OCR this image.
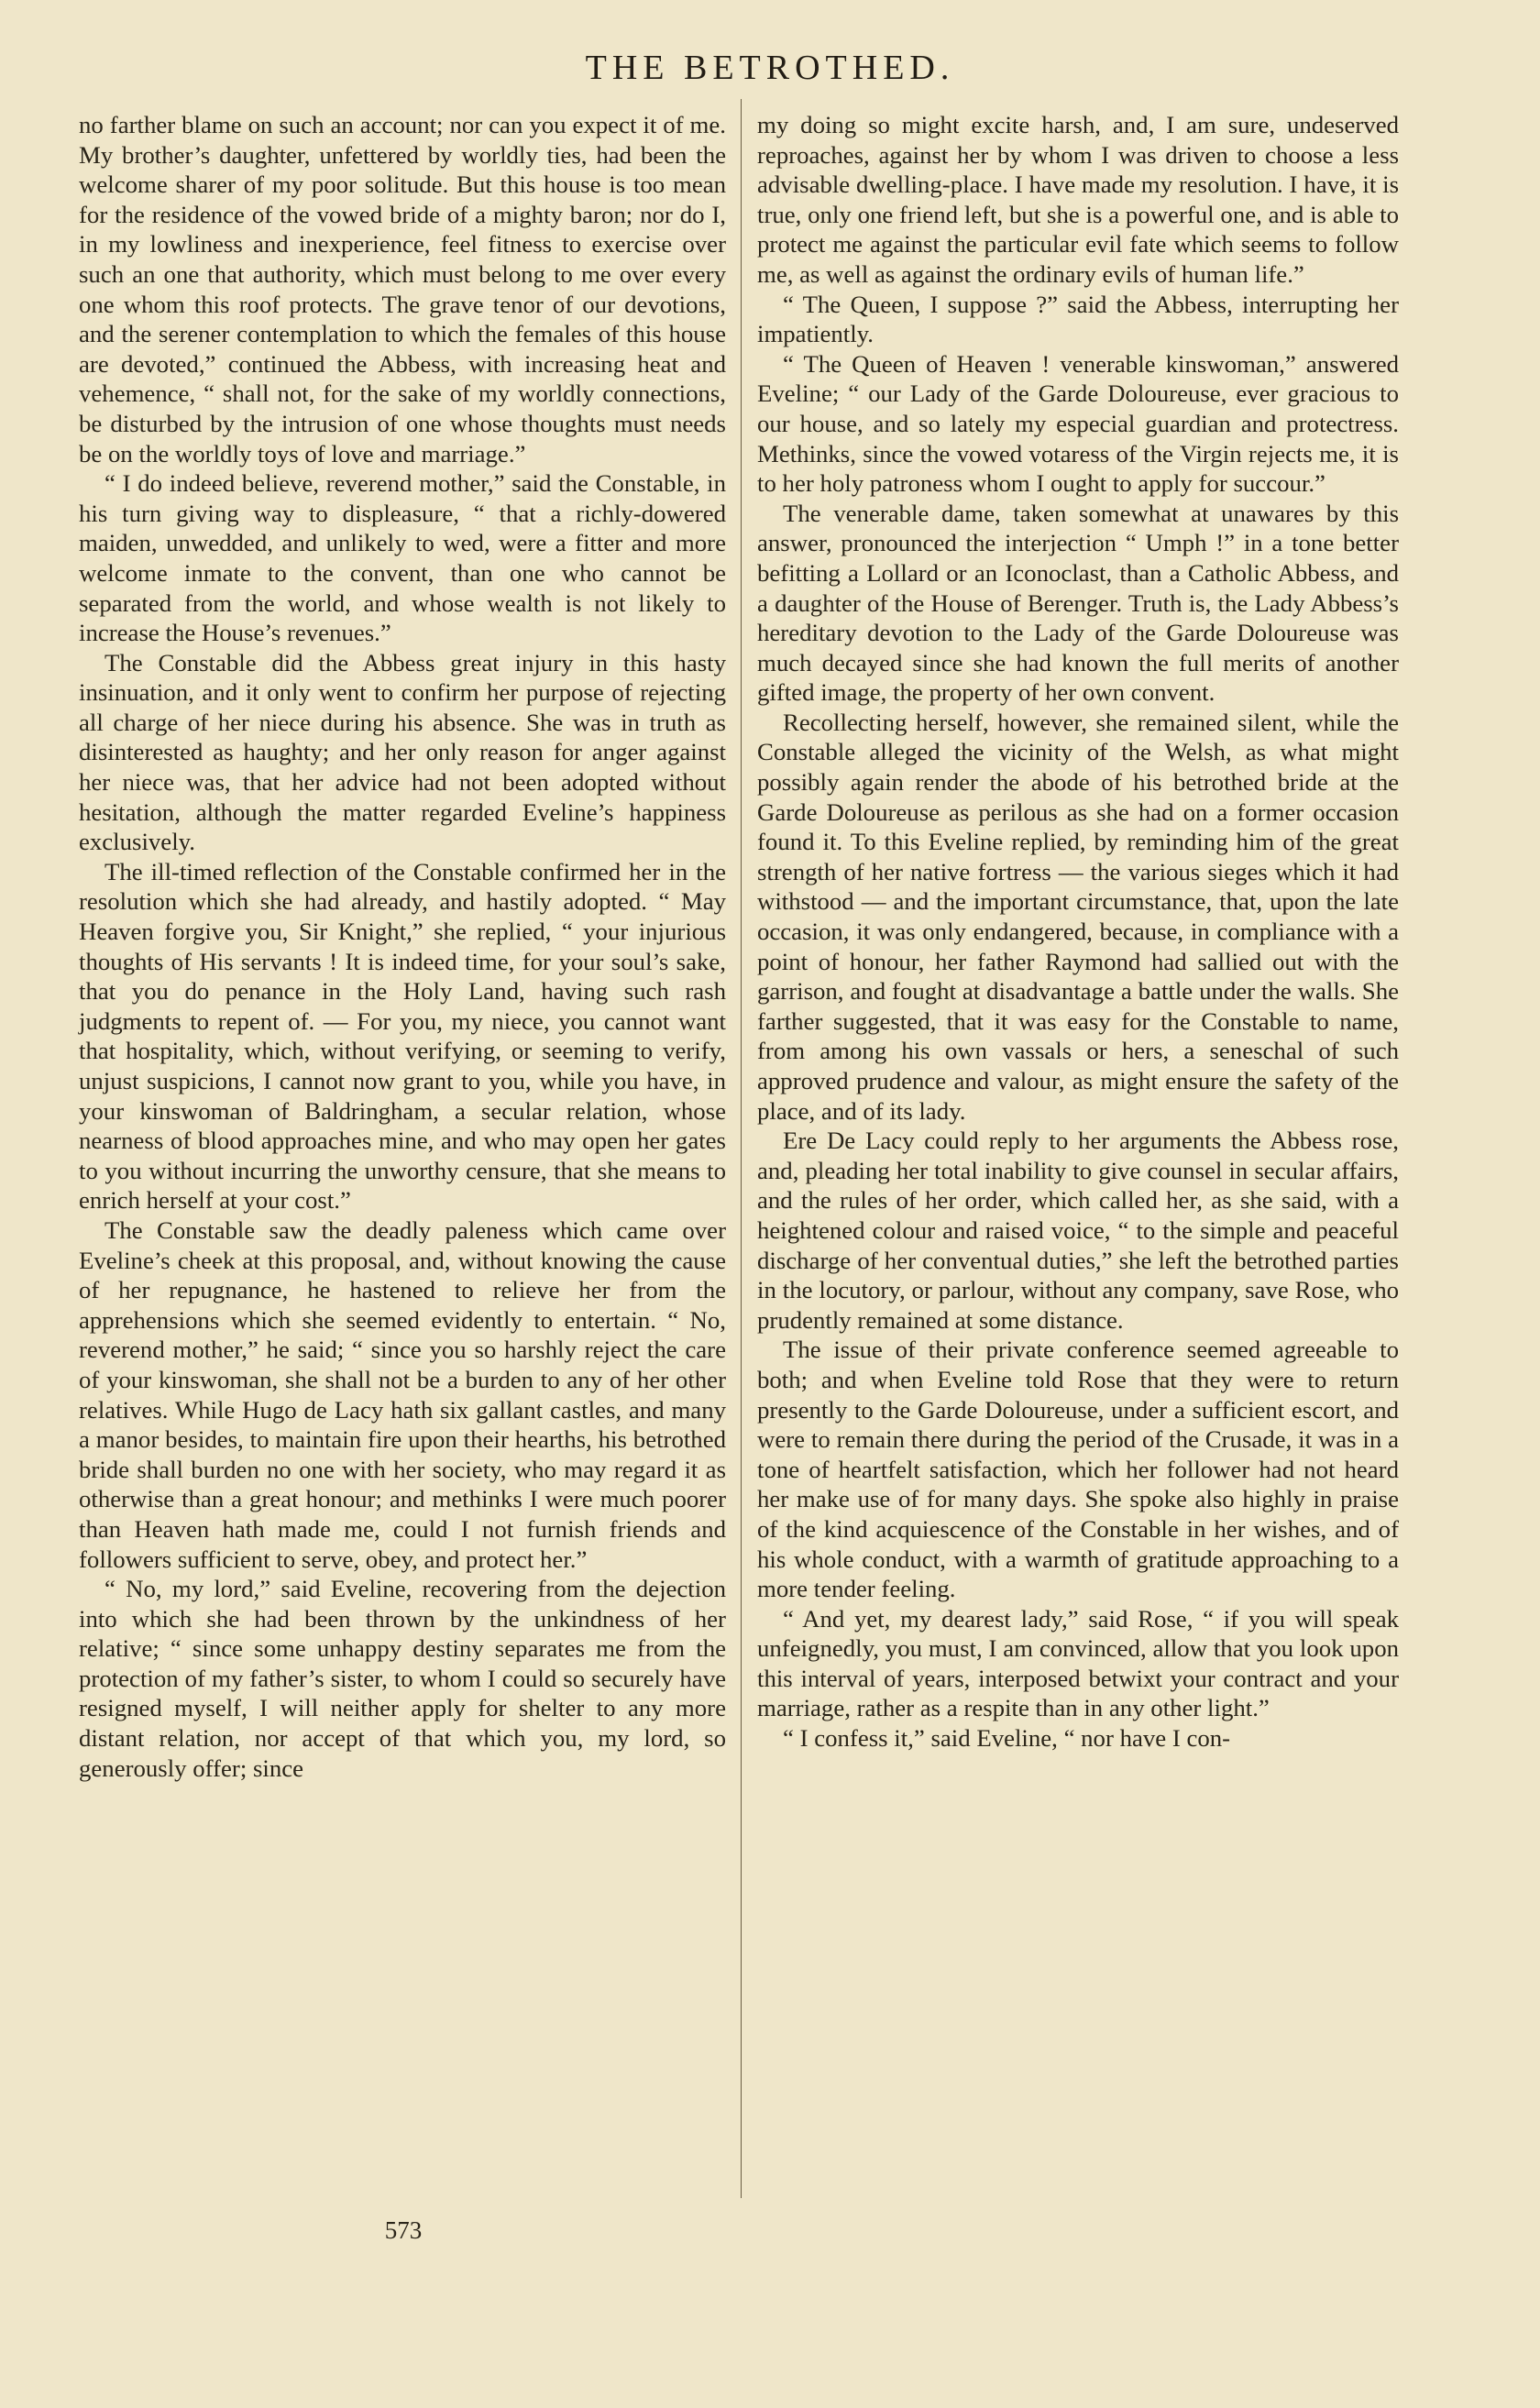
THE BETROTHED.

no farther blame on such an account; nor can you expect it of me. My brother’s daughter, unfettered by worldly ties, had been the welcome sharer of my poor solitude. But this house is too mean for the residence of the vowed bride of a mighty baron; nor do I, in my lowliness and inexperience, feel fitness to exercise over such an one that authority, which must belong to me over every one whom this roof protects. The grave tenor of our devotions, and the serener contemplation to which the females of this house are devoted,” continued the Abbess, with increasing heat and vehemence, “ shall not, for the sake of my worldly connections, be disturbed by the intrusion of one whose thoughts must needs be on the worldly toys of love and marriage.”

“ I do indeed believe, reverend mother,” said the Constable, in his turn giving way to displeasure, “ that a richly-dowered maiden, unwedded, and unlikely to wed, were a fitter and more welcome inmate to the convent, than one who cannot be separated from the world, and whose wealth is not likely to increase the House’s revenues.”

The Constable did the Abbess great injury in this hasty insinuation, and it only went to confirm her purpose of rejecting all charge of her niece during his absence. She was in truth as disinterested as haughty; and her only reason for anger against her niece was, that her advice had not been adopted without hesitation, although the matter regarded Eveline’s happiness exclusively.

The ill-timed reflection of the Constable confirmed her in the resolution which she had already, and hastily adopted. “ May Heaven forgive you, Sir Knight,” she replied, “ your injurious thoughts of His servants ! It is indeed time, for your soul’s sake, that you do penance in the Holy Land, having such rash judgments to repent of. — For you, my niece, you cannot want that hospitality, which, without verifying, or seeming to verify, unjust suspicions, I cannot now grant to you, while you have, in your kinswoman of Baldringham, a secular relation, whose nearness of blood approaches mine, and who may open her gates to you without incurring the unworthy censure, that she means to enrich herself at your cost.”

The Constable saw the deadly paleness which came over Eveline’s cheek at this proposal, and, without knowing the cause of her repugnance, he hastened to relieve her from the apprehensions which she seemed evidently to entertain. “ No, reverend mother,” he said; “ since you so harshly reject the care of your kinswoman, she shall not be a burden to any of her other relatives. While Hugo de Lacy hath six gallant castles, and many a manor besides, to maintain fire upon their hearths, his betrothed bride shall burden no one with her society, who may regard it as otherwise than a great honour; and methinks I were much poorer than Heaven hath made me, could I not furnish friends and followers sufficient to serve, obey, and protect her.”

“ No, my lord,” said Eveline, recovering from the dejection into which she had been thrown by the unkindness of her relative; “ since some unhappy destiny separates me from the protection of my father’s sister, to whom I could so securely have resigned myself, I will neither apply for shelter to any more distant relation, nor accept of that which you, my lord, so generously offer; since

my doing so might excite harsh, and, I am sure, undeserved reproaches, against her by whom I was driven to choose a less advisable dwelling-place. I have made my resolution. I have, it is true, only one friend left, but she is a powerful one, and is able to protect me against the particular evil fate which seems to follow me, as well as against the ordinary evils of human life.”

“ The Queen, I suppose ?” said the Abbess, interrupting her impatiently.

“ The Queen of Heaven ! venerable kinswoman,” answered Eveline; “ our Lady of the Garde Doloureuse, ever gracious to our house, and so lately my especial guardian and protectress. Methinks, since the vowed votaress of the Virgin rejects me, it is to her holy patroness whom I ought to apply for succour.”

The venerable dame, taken somewhat at unawares by this answer, pronounced the interjection “ Umph !” in a tone better befitting a Lollard or an Iconoclast, than a Catholic Abbess, and a daughter of the House of Berenger. Truth is, the Lady Abbess’s hereditary devotion to the Lady of the Garde Doloureuse was much decayed since she had known the full merits of another gifted image, the property of her own convent.

Recollecting herself, however, she remained silent, while the Constable alleged the vicinity of the Welsh, as what might possibly again render the abode of his betrothed bride at the Garde Doloureuse as perilous as she had on a former occasion found it. To this Eveline replied, by reminding him of the great strength of her native fortress — the various sieges which it had withstood — and the important circumstance, that, upon the late occasion, it was only endangered, because, in compliance with a point of honour, her father Raymond had sallied out with the garrison, and fought at disadvantage a battle under the walls. She farther suggested, that it was easy for the Constable to name, from among his own vassals or hers, a seneschal of such approved prudence and valour, as might ensure the safety of the place, and of its lady.

Ere De Lacy could reply to her arguments the Abbess rose, and, pleading her total inability to give counsel in secular affairs, and the rules of her order, which called her, as she said, with a heightened colour and raised voice, “ to the simple and peaceful discharge of her conventual duties,” she left the betrothed parties in the locutory, or parlour, without any company, save Rose, who prudently remained at some distance.

The issue of their private conference seemed agreeable to both; and when Eveline told Rose that they were to return presently to the Garde Doloureuse, under a sufficient escort, and were to remain there during the period of the Crusade, it was in a tone of heartfelt satisfaction, which her follower had not heard her make use of for many days. She spoke also highly in praise of the kind acquiescence of the Constable in her wishes, and of his whole conduct, with a warmth of gratitude approaching to a more tender feeling.

“ And yet, my dearest lady,” said Rose, “ if you will speak unfeignedly, you must, I am convinced, allow that you look upon this interval of years, interposed betwixt your contract and your marriage, rather as a respite than in any other light.”

“ I confess it,” said Eveline, “ nor have I con-

573
